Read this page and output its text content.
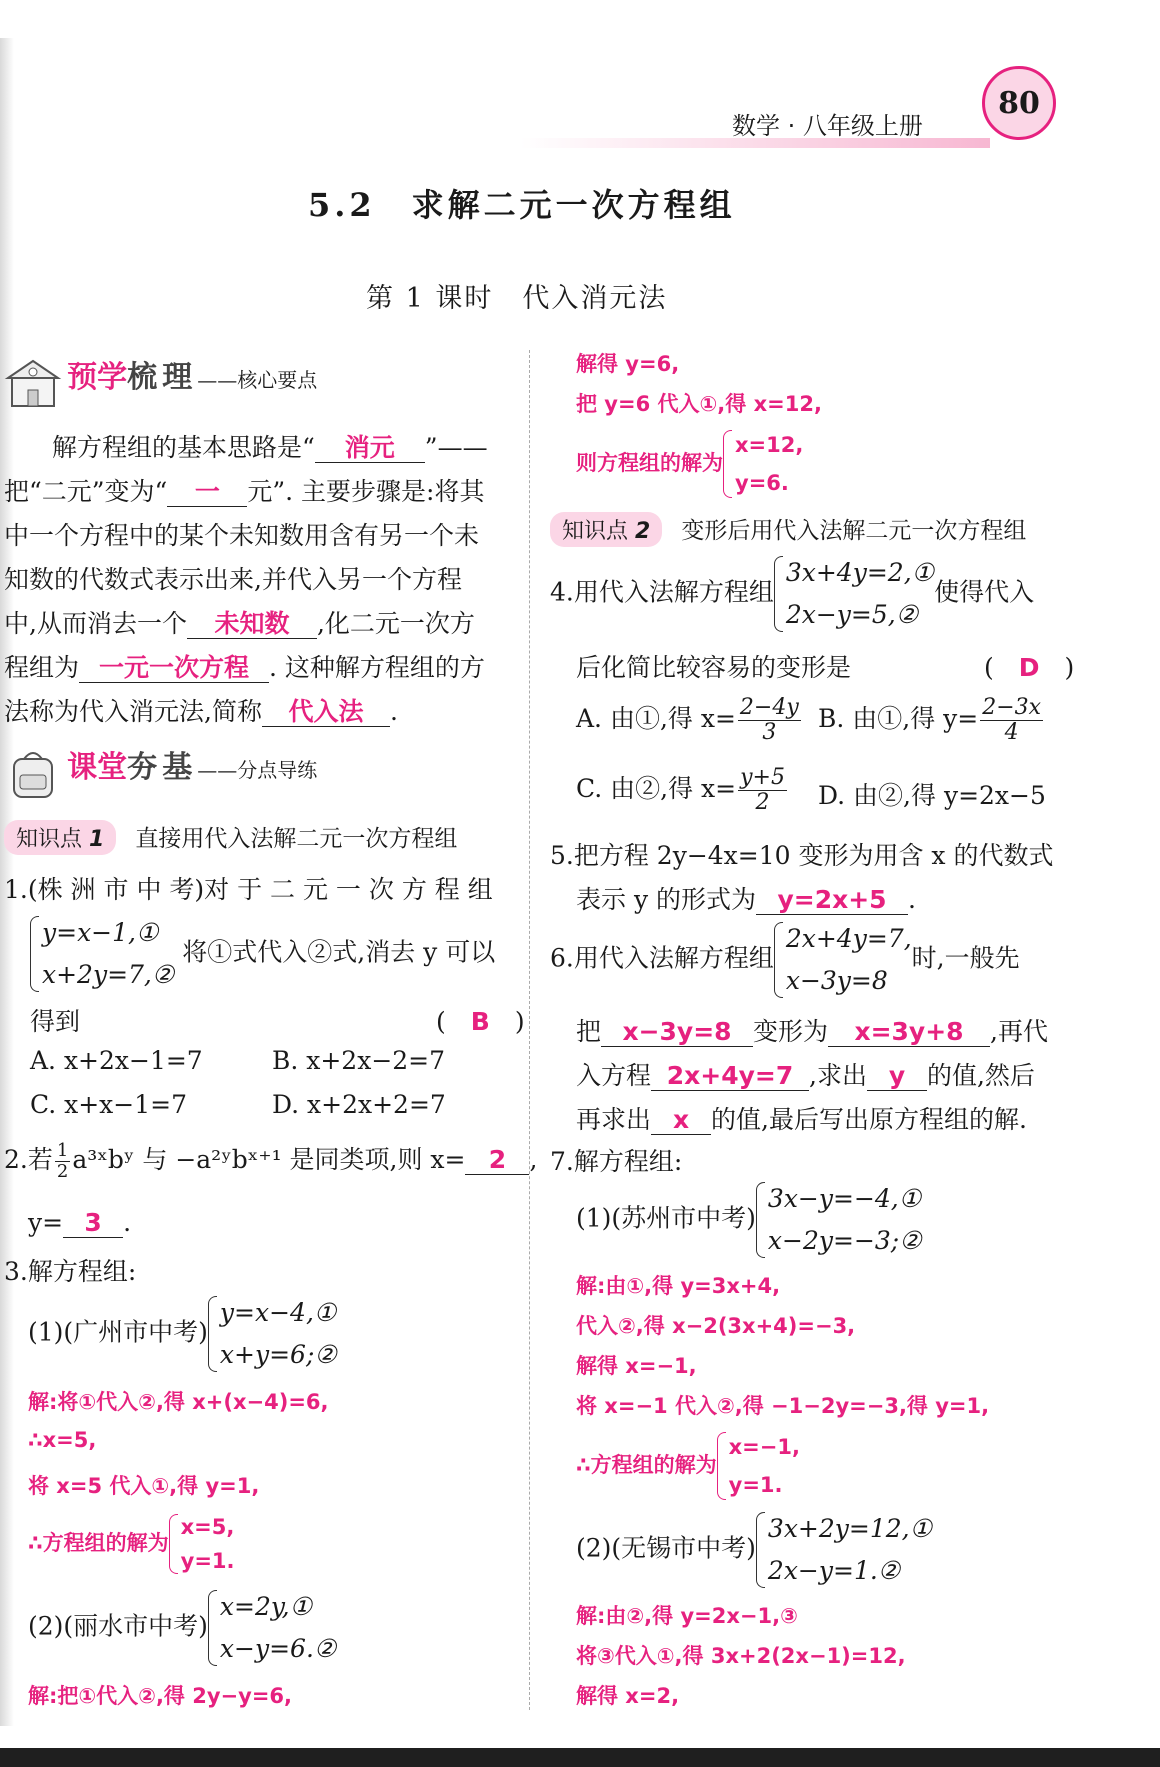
数学 · 八年级上册
80
5.2　求解二元一次方程组
第 1 课时　代入消元法
预学梳 理 ——核心要点
解方程组的基本思路是“ 消元 ”——
把“二元”变为“ 一 元”. 主要步骤是:将其
中一个方程中的某个未知数用含有另一个未
知数的代数式表示出来,并代入另一个方程
中,从而消去一个 未知数 ,化二元一次方
程组为 一元一次方程 . 这种解方程组的方
法称为代入消元法,简称 代入法 .
课堂夯 基 ——分点导练
知识点 1 直接用代入法解二元一次方程组
1.(株 洲 市 中 考)对 于 二 元 一 次 方 程 组
y=x−1,①
x+2y=7,②
将①式代入②式,消去 y 可以
得到	(　B　)
A. x+2x−1=7	B. x+2x−2=7
C. x+x−1=7	D. x+2x+2=7
2.若 $\frac{1}{2}$ a³ˣbʸ 与 −a²ʸbˣ⁺¹ 是同类项,则 x= 2 ,
y= 3 .
3.解方程组:
(1)(广州市中考)
y=x−4,①
x+y=6;②
解:将①代入②,得 x+(x−4)=6,
∴x=5,
将 x=5 代入①,得 y=1,
∴方程组的解为
x=5,
y=1.
(2)(丽水市中考)
x=2y,①
x−y=6.②
解:把①代入②,得 2y−y=6,
解得 y=6,
把 y=6 代入①,得 x=12,
则方程组的解为
x=12,
y=6.
知识点 2 变形后用代入法解二元一次方程组
4.用代入法解方程组
3x+4y=2,①
2x−y=5,②
使得代入
后化简比较容易的变形是	(　D　)
A. 由①,得 $x= \frac{2-4y}{3} B$. 由①,得 $y= \frac{2-3x}{4}$
C. 由②,得 $x= \frac{y+5}{2} D$. 由②,得 y=2x−5
5.把方程 2y−4x=10 变形为用含 x 的代数式
表示 y 的形式为 y=2x+5 .
6.用代入法解方程组
2x+4y=7,
x−3y=8
时,一般先
把 x−3y=8 变形为 x=3y+8 ,再代
入方程 2x+4y=7 ,求出 y 的值,然后
再求出 x 的值,最后写出原方程组的解.
7.解方程组:
(1)(苏州市中考)
3x−y=−4,①
x−2y=−3;②
解:由①,得 y=3x+4,
代入②,得 x−2(3x+4)=−3,
解得 x=−1,
将 x=−1 代入②,得 −1−2y=−3,得 y=1,
∴方程组的解为
x=−1,
y=1.
(2)(无锡市中考)
3x+2y=12,①
2x−y=1.②
解:由②,得 y=2x−1,③
将③代入①,得 3x+2(2x−1)=12,
解得 x=2,
